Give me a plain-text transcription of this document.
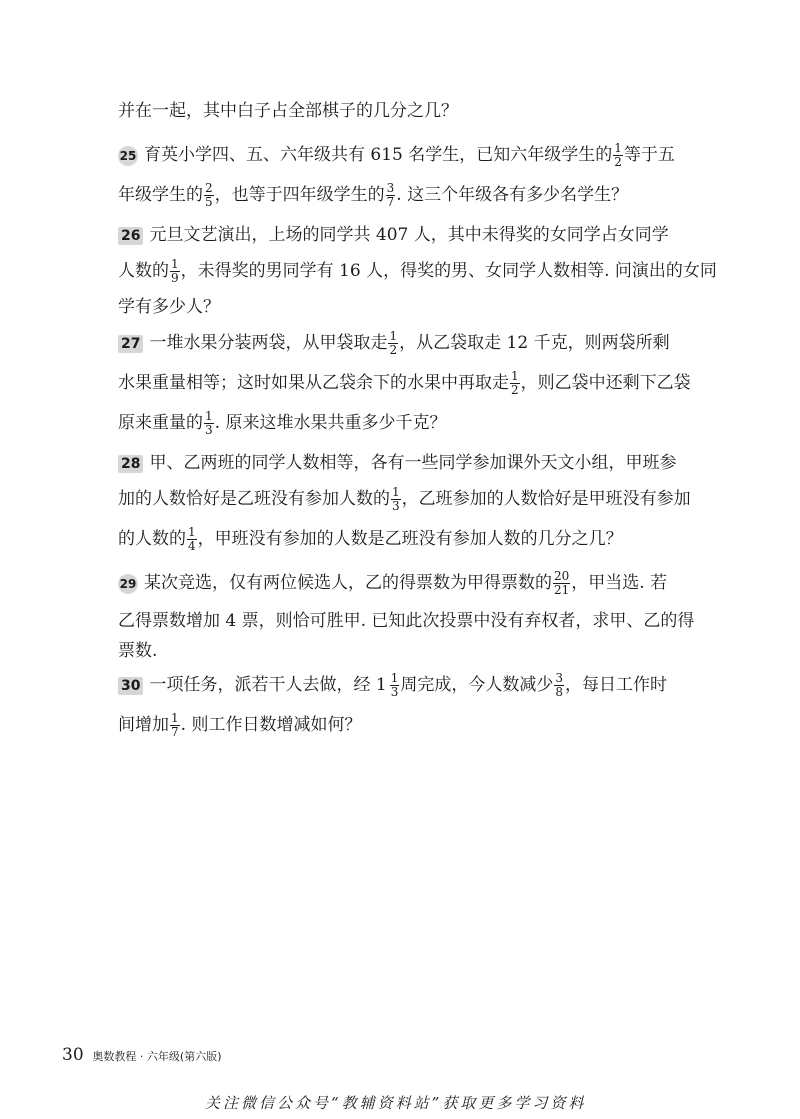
并在一起，其中白子占全部棋子的几分之几？
25 育英小学四、五、六年级共有 615 名学生，已知六年级学生的 $\frac{1}{2}$ 等于五
年级学生的 $\frac{2}{5}$ ，也等于四年级学生的 $\frac{3}{7}$ . 这三个年级各有多少名学生？
26 元旦文艺演出，上场的同学共 407 人，其中未得奖的女同学占女同学
人数的 $\frac{1}{9}$ ，未得奖的男同学有 16 人，得奖的男、女同学人数相等. 问演出的女同
学有多少人？
27 一堆水果分装两袋，从甲袋取走 $\frac{1}{2}$ ，从乙袋取走 12 千克，则两袋所剩
水果重量相等；这时如果从乙袋余下的水果中再取走 $\frac{1}{2}$ ，则乙袋中还剩下乙袋
原来重量的 $\frac{1}{3}$ . 原来这堆水果共重多少千克？
28 甲、乙两班的同学人数相等，各有一些同学参加课外天文小组，甲班参
加的人数恰好是乙班没有参加人数的 $\frac{1}{3}$ ，乙班参加的人数恰好是甲班没有参加
的人数的 $\frac{1}{4}$ ，甲班没有参加的人数是乙班没有参加人数的几分之几？
29 某次竞选，仅有两位候选人，乙的得票数为甲得票数的 $\frac{20}{21}$ ，甲当选. 若
乙得票数增加 4 票，则恰可胜甲. 已知此次投票中没有弃权者，求甲、乙的得
票数.
30 一项任务，派若干人去做，经 $1 \frac{1}{3}$ 周完成，今人数减少 $\frac{3}{8}$ ，每日工作时
间增加 $\frac{1}{7}$ . 则工作日数增减如何？
30 奥数教程 · 六年级(第六版)
关注微信公众号“教辅资料站”获取更多学习资料
